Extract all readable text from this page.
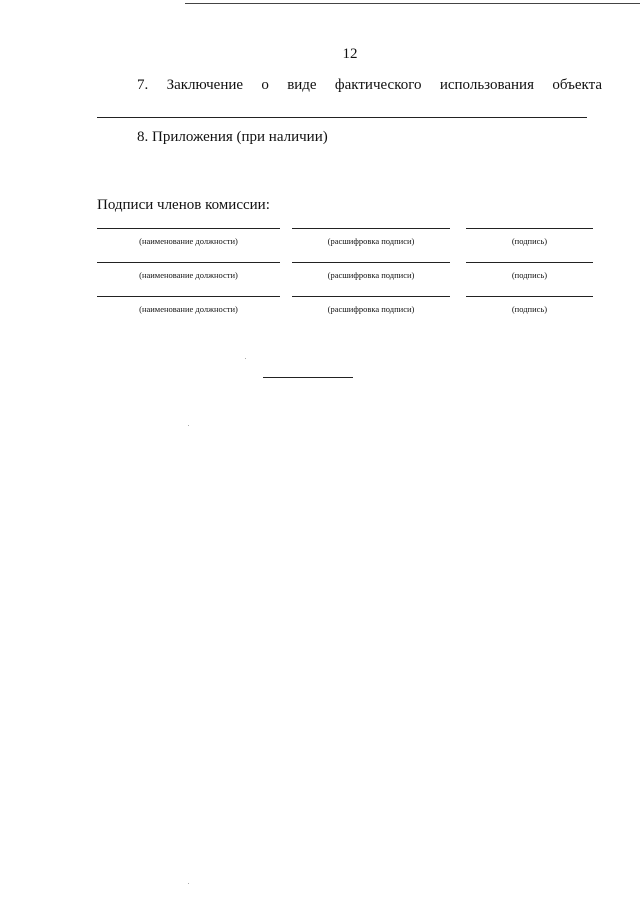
12
7. Заключение о виде фактического использования объекта
8. Приложения (при наличии)
Подписи членов комиссии:
(наименование должности)	(расшифровка подписи)	(подпись)
(наименование должности)	(расшифровка подписи)	(подпись)
(наименование должности)	(расшифровка подписи)	(подпись)
